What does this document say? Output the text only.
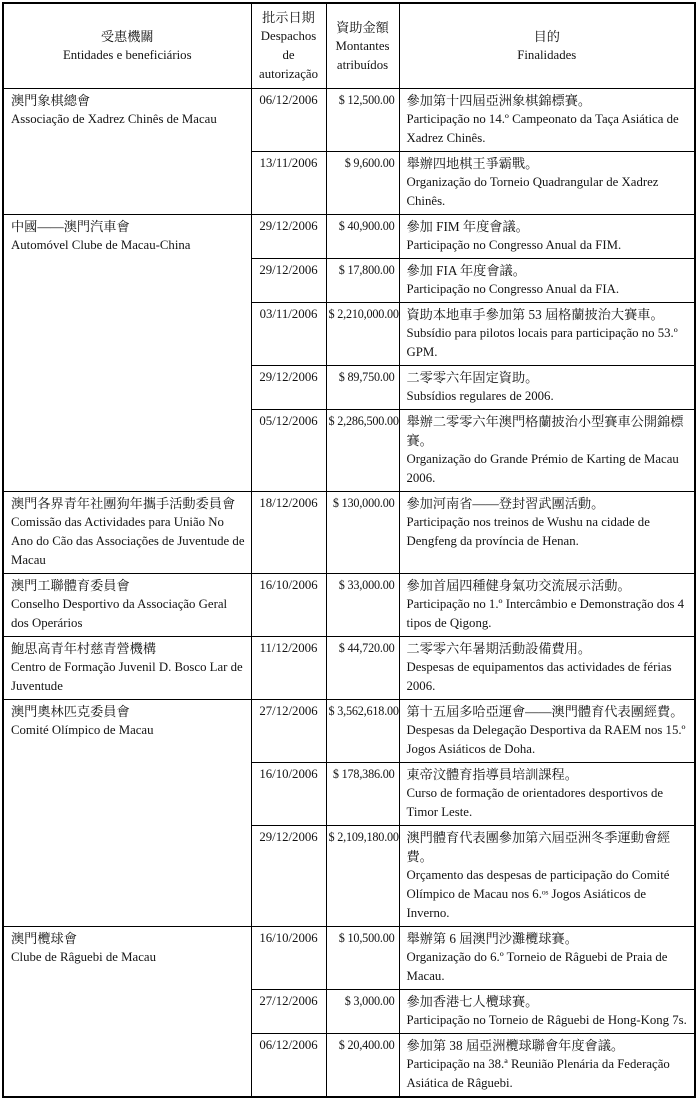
受惠機關
Entidades e beneficiários

批示日期
Despachos de autorização

資助金額
Montantes atribuídos

目的
Finalidades

澳門象棋總會
Associação de Xadrez Chinês de Macau
	06/12/2006	$ 12,500.00	參加第十四屆亞洲象棋錦標賽。
Participação no 14.º Campeonato da Taça Asiática de Xadrez Chinês.

	13/11/2006	$ 9,600.00	舉辦四地棋王爭霸戰。
Organização do Torneio Quadrangular de Xadrez Chinês.

中國——澳門汽車會
Automóvel Clube de Macau-China
	29/12/2006	$ 40,900.00	參加 FIM 年度會議。
Participação no Congresso Anual da FIM.

	29/12/2006	$ 17,800.00	參加 FIA 年度會議。
Participação no Congresso Anual da FIA.

	03/11/2006	$ 2,210,000.00	資助本地車手參加第 53 屆格蘭披治大賽車。
Subsídio para pilotos locais para participação no 53.º GPM.

	29/12/2006	$ 89,750.00	二零零六年固定資助。
Subsídios regulares de 2006.

	05/12/2006	$ 2,286,500.00	舉辦二零零六年澳門格蘭披治小型賽車公開錦標賽。
Organização do Grande Prémio de Karting de Macau 2006.

澳門各界青年社團狗年攜手活動委員會
Comissão das Actividades para União No Ano do Cão das Associações de Juventude de Macau
	18/12/2006	$ 130,000.00	參加河南省——登封習武團活動。
Participação nos treinos de Wushu na cidade de Dengfeng da província de Henan.

澳門工聯體育委員會
Conselho Desportivo da Associação Geral dos Operários
	16/10/2006	$ 33,000.00	參加首屆四種健身氣功交流展示活動。
Participação no 1.º Intercâmbio e Demonstração dos 4 tipos de Qigong.

鮑思高青年村慈青營機構
Centro de Formação Juvenil D. Bosco Lar de Juventude
	11/12/2006	$ 44,720.00	二零零六年暑期活動設備費用。
Despesas de equipamentos das actividades de férias 2006.

澳門奧林匹克委員會
Comité Olímpico de Macau
	27/12/2006	$ 3,562,618.00	第十五屆多哈亞運會——澳門體育代表團經費。
Despesas da Delegação Desportiva da RAEM nos 15.º Jogos Asiáticos de Doha.

	16/10/2006	$ 178,386.00	東帝汶體育指導員培訓課程。
Curso de formação de orientadores desportivos de Timor Leste.

	29/12/2006	$ 2,109,180.00	澳門體育代表團參加第六屆亞洲冬季運動會經費。
Orçamento das despesas de participação do Comité Olímpico de Macau nos 6.ᵒˢ Jogos Asiáticos de Inverno.

澳門欖球會
Clube de Râguebi de Macau
	16/10/2006	$ 10,500.00	舉辦第 6 屆澳門沙灘欖球賽。
Organização do 6.º Torneio de Râguebi de Praia de Macau.

	27/12/2006	$ 3,000.00	參加香港七人欖球賽。
Participação no Torneio de Râguebi de Hong-Kong 7s.

	06/12/2006	$ 20,400.00	參加第 38 屆亞洲欖球聯會年度會議。
Participação na 38.ª Reunião Plenária da Federação Asiática de Râguebi.
